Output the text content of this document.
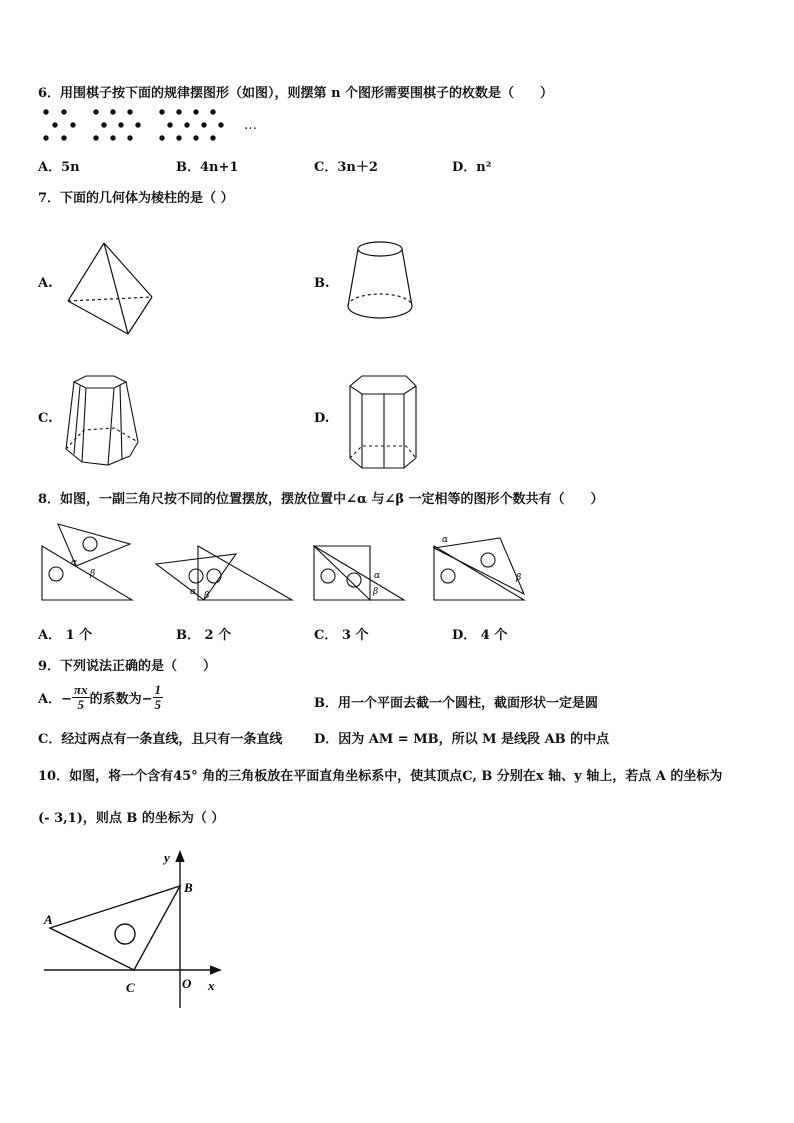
6．用围棋子按下面的规律摆图形（如图），则摆第 n 个图形需要围棋子的枚数是（　　）
…
A．5n	B．4n+1	C．3n＋2	D．n²
7．下面的几何体为棱柱的是（ ）
A.	B.
C.	D.
8．如图，一副三角尺按不同的位置摆放，摆放位置中∠α 与∠β 一定相等的图形个数共有（　　）
α
β
α β
α
β
α
β
A． 1 个	B． 2 个	C． 3 个	D． 4 个
9．下列说法正确的是（　　）
A．− $\frac{\pi x}{5}$ 的系数为− $\frac{1}{5}$	B．用一个平面去截一个圆柱，截面形状一定是圆
C．经过两点有一条直线，且只有一条直线 D．因为 AM = MB，所以 M 是线段 AB 的中点
10．如图，将一个含有45° 角的三角板放在平面直角坐标系中，使其顶点C, B 分别在x 轴、y 轴上，若点 A 的坐标为
(- 3,1)，则点 B 的坐标为（ ）
y
x
A
B
C	O
